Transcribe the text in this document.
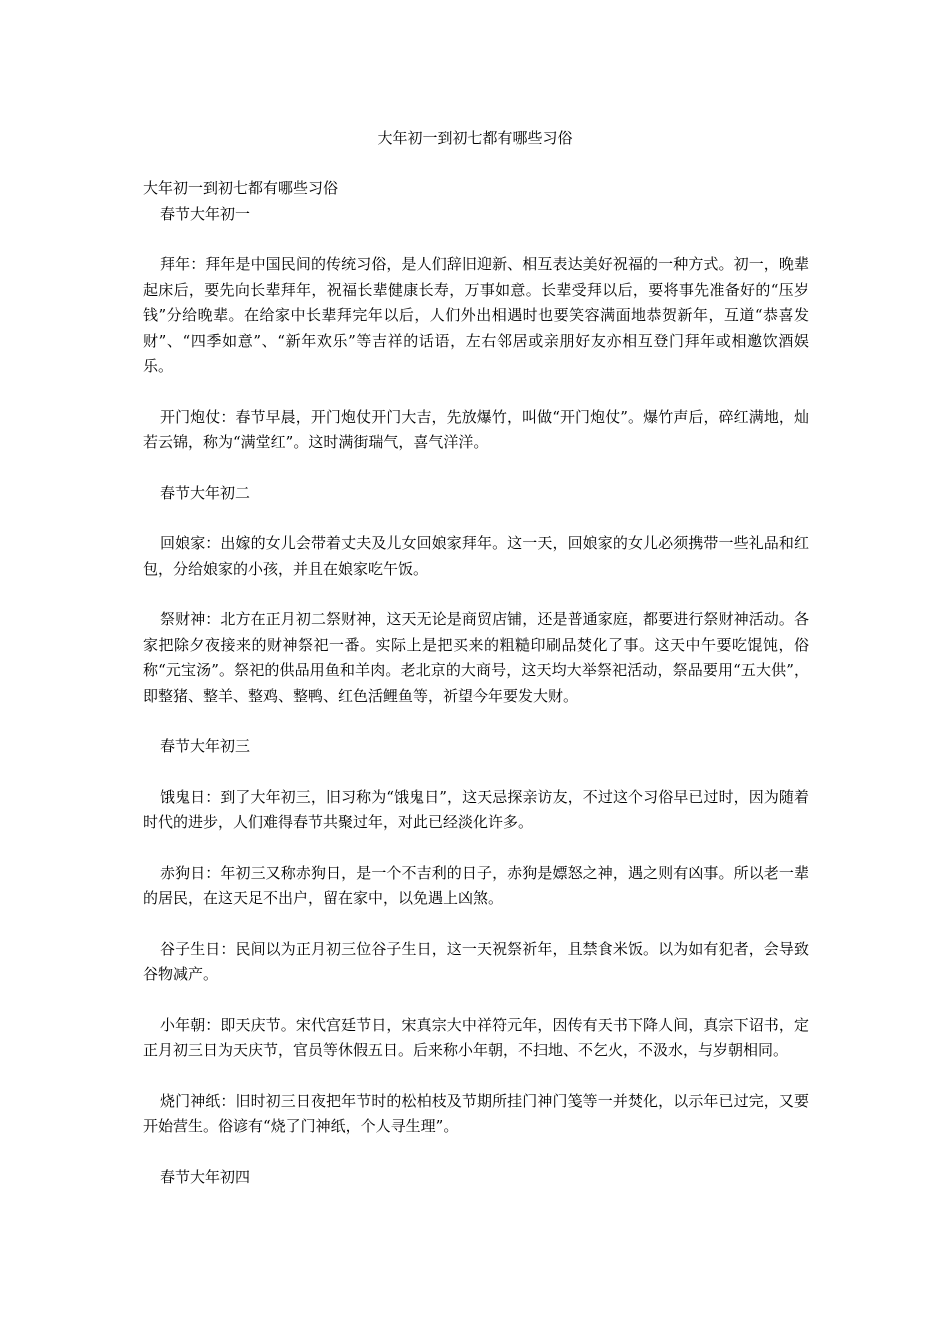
大年初一到初七都有哪些习俗

大年初一到初七都有哪些习俗

春节大年初一

拜年：拜年是中国民间的传统习俗，是人们辞旧迎新、相互表达美好祝福的一种方式。初一，晚辈起床后，要先向长辈拜年，祝福长辈健康长寿，万事如意。长辈受拜以后，要将事先准备好的“压岁钱”分给晚辈。在给家中长辈拜完年以后，人们外出相遇时也要笑容满面地恭贺新年，互道“恭喜发财”、“四季如意”、“新年欢乐”等吉祥的话语，左右邻居或亲朋好友亦相互登门拜年或相邀饮酒娱乐。

开门炮仗：春节早晨，开门炮仗开门大吉，先放爆竹，叫做“开门炮仗”。爆竹声后，碎红满地，灿若云锦，称为“满堂红”。这时满街瑞气，喜气洋洋。

春节大年初二

回娘家：出嫁的女儿会带着丈夫及儿女回娘家拜年。这一天，回娘家的女儿必须携带一些礼品和红包，分给娘家的小孩，并且在娘家吃午饭。

祭财神：北方在正月初二祭财神，这天无论是商贸店铺，还是普通家庭，都要进行祭财神活动。各家把除夕夜接来的财神祭祀一番。实际上是把买来的粗糙印刷品焚化了事。这天中午要吃馄饨，俗称“元宝汤”。祭祀的供品用鱼和羊肉。老北京的大商号，这天均大举祭祀活动，祭品要用“五大供”，即整猪、整羊、整鸡、整鸭、红色活鲤鱼等，祈望今年要发大财。

春节大年初三

饿鬼日：到了大年初三，旧习称为“饿鬼日”，这天忌探亲访友，不过这个习俗早已过时，因为随着时代的进步，人们难得春节共聚过年，对此已经淡化许多。

赤狗日：年初三又称赤狗日，是一个不吉利的日子，赤狗是嫖怒之神，遇之则有凶事。所以老一辈的居民，在这天足不出户，留在家中，以免遇上凶煞。

谷子生日：民间以为正月初三位谷子生日，这一天祝祭祈年，且禁食米饭。以为如有犯者，会导致谷物减产。

小年朝：即天庆节。宋代宫廷节日，宋真宗大中祥符元年，因传有天书下降人间，真宗下诏书，定正月初三日为天庆节，官员等休假五日。后来称小年朝，不扫地、不乞火，不汲水，与岁朝相同。

烧门神纸：旧时初三日夜把年节时的松柏枝及节期所挂门神门笺等一并焚化，以示年已过完，又要开始营生。俗谚有“烧了门神纸，个人寻生理”。

春节大年初四
